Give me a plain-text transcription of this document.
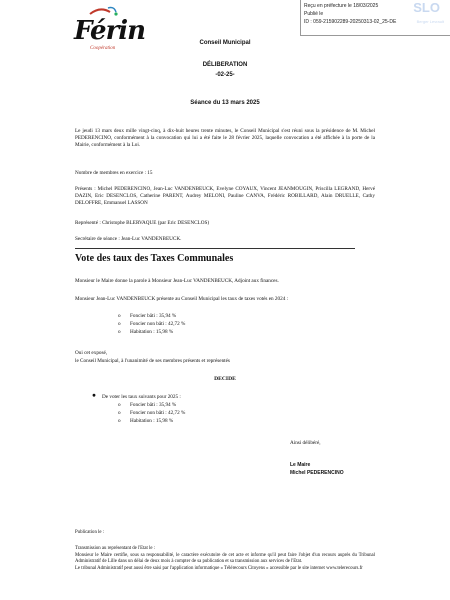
Férin
Coopération
Reçu en préfecture le 18/03/2025
Publié le
ID : 059-215902289-20250313-02_25-DE
SLO
Berger Levrault
Conseil Municipal
DÉLIBERATION
-02-25-
Séance du 13 mars 2025
Le jeudi 13 mars deux mille vingt-cinq, à dix-huit heures trente minutes, le Conseil Municipal s'est réuni sous la présidence de M. Michel PEDERENCINO, conformément à la convocation qui lui a été faite le 28 février 2025, laquelle convocation a été affichée à la porte de la Mairie, conformément à la Loi.
Nombre de membres en exercice : 15
Présents : Michel PEDERENCINO, Jean-Luc VANDENBEUCK, Evelyne COYAUX, Vincent JEANMOUGIN, Priscilla LEGRAND, Hervé DAZIN, Eric DESENCLOS, Catherine PARENT, Audrey MELONI, Pauline CANVA, Frédéric ROBILLARD, Alain DRUELLE, Cathy DELOFFRE, Emmanuel LASSON
Représenté : Christophe BLERVAQUE (par Eric DESENCLOS)
Secrétaire de séance : Jean-Luc VANDENBEUCK.
Vote des taux des Taxes Communales
Monsieur le Maire donne la parole à Monsieur Jean-Luc VANDENBEUCK, Adjoint aux finances.
Monsieur Jean-Luc VANDENBEUCK présente au Conseil Municipal les taux de taxes votés en 2024 :
o Foncier bâti : 35,94 %
o Foncier non bâti : 42,72 %
o Habitation : 15,98 %
Oui cet exposé,
le Conseil Municipal, à l'unanimité de ses membres présents et représentés
DECIDE
De voter les taux suivants pour 2025 :
o Foncier bâti : 35,94 %
o Foncier non bâti : 42,72 %
o Habitation : 15,98 %
Ainsi délibéré,
Le Maire
Michel PEDERENCINO
Publication le :
Transmission au représentant de l'Etat le :
Monsieur le Maire certifie, sous sa responsabilité, le caractère exécutoire de cet acte et informe qu'il peut faire l'objet d'un recours auprès du Tribunal Administratif de Lille dans un délai de deux mois à compter de sa publication et sa transmission aux services de l'Etat.
Le tribunal Administratif peut aussi être saisi par l'application informatique « Télérecours Citoyens » accessible par le site internet www.telerecours.fr
